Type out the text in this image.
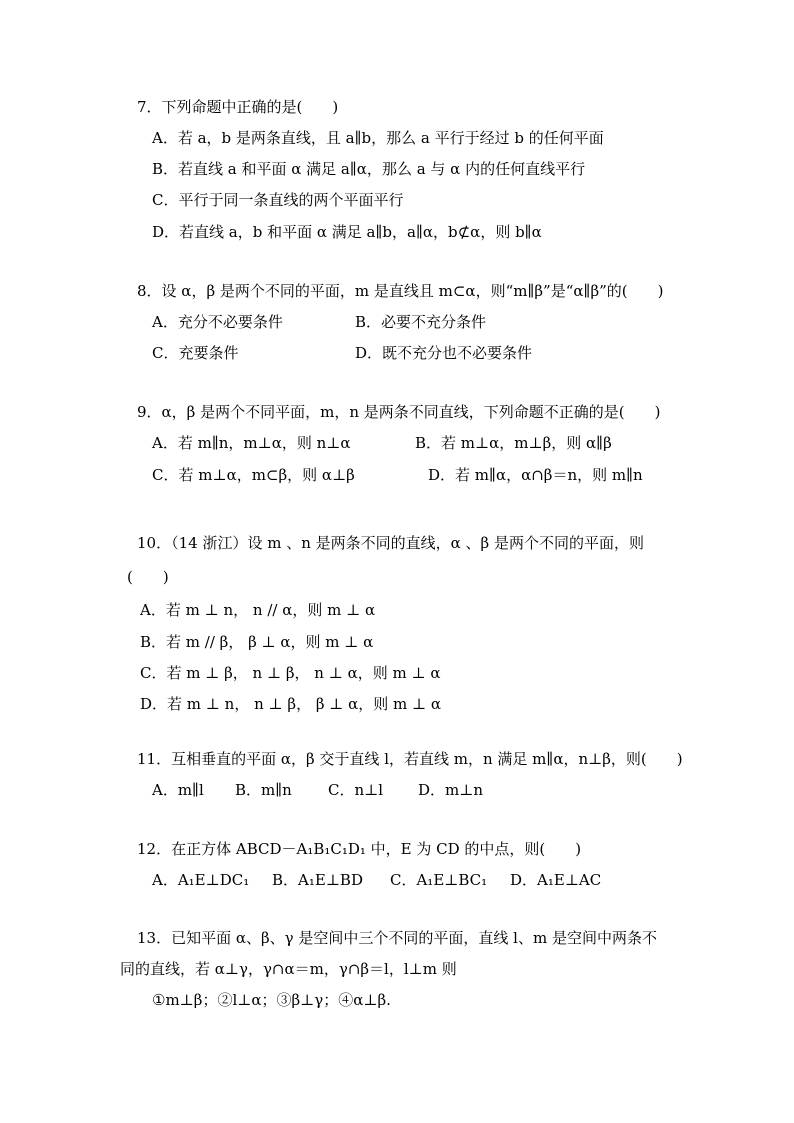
7．下列命题中正确的是(　　)
A．若 a，b 是两条直线，且 a∥b，那么 a 平行于经过 b 的任何平面
B．若直线 a 和平面 α 满足 a∥α，那么 a 与 α 内的任何直线平行
C．平行于同一条直线的两个平面平行
D．若直线 a，b 和平面 α 满足 a∥b，a∥α，b⊄α，则 b∥α
8．设 α，β 是两个不同的平面，m 是直线且 m⊂α，则“m∥β”是“α∥β”的(　　)
A．充分不必要条件	B．必要不充分条件
C．充要条件	D．既不充分也不必要条件
9．α，β 是两个不同平面，m，n 是两条不同直线，下列命题不正确的是(　　)
A．若 m∥n，m⊥α，则 n⊥α	B．若 m⊥α，m⊥β，则 α∥β
C．若 m⊥α，m⊂β，则 α⊥β	D．若 m∥α，α∩β＝n，则 m∥n
10．（14 浙江）设 m 、n 是两条不同的直线，α 、β 是两个不同的平面，则
(　　)
A．若 m ⊥ n， n // α，则 m ⊥ α
B．若 m // β， β ⊥ α，则 m ⊥ α
C．若 m ⊥ β， n ⊥ β， n ⊥ α，则 m ⊥ α
D．若 m ⊥ n， n ⊥ β， β ⊥ α，则 m ⊥ α
11．互相垂直的平面 α，β 交于直线 l，若直线 m，n 满足 m∥α，n⊥β，则(　　)
A．m∥l B．m∥n C．n⊥l D．m⊥n
12．在正方体 ABCD－A₁B₁C₁D₁ 中，E 为 CD 的中点，则(　　)
A．A₁E⊥DC₁ B．A₁E⊥BD C．A₁E⊥BC₁ D．A₁E⊥AC
13．已知平面 α、β、γ 是空间中三个不同的平面，直线 l、m 是空间中两条不
同的直线，若 α⊥γ，γ∩α＝m，γ∩β＝l，l⊥m 则
①m⊥β；②l⊥α；③β⊥γ；④α⊥β.
